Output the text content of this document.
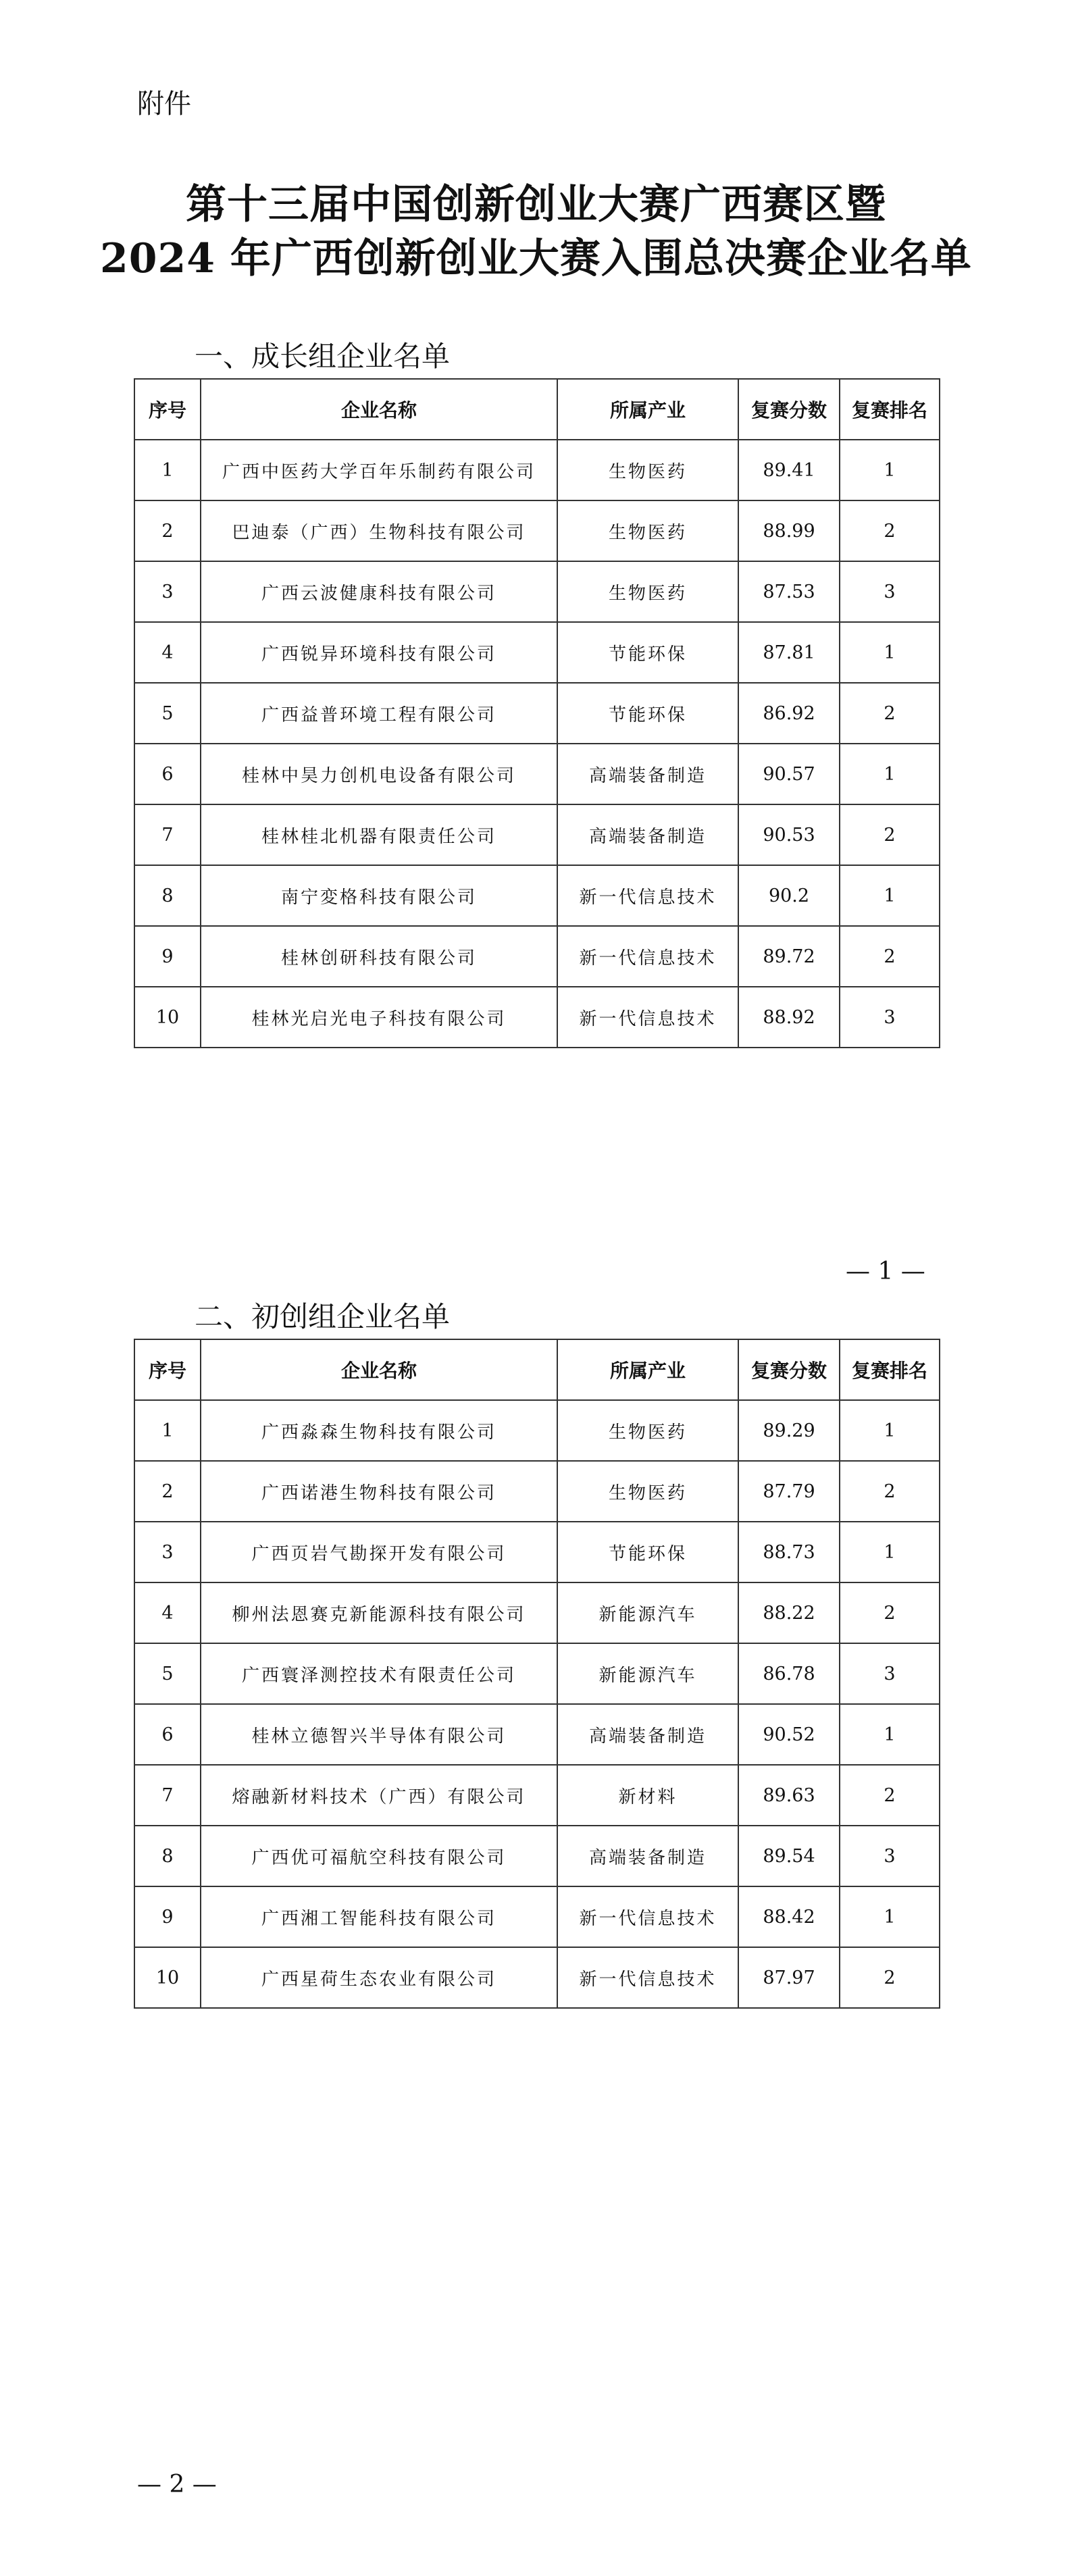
附件
第十三届中国创新创业大赛广西赛区暨
2024 年广西创新创业大赛入围总决赛企业名单
一、成长组企业名单
序号	企业名称	所属产业	复赛分数	复赛排名
1	广西中医药大学百年乐制药有限公司	生物医药	89.41	1
2	巴迪泰（广西）生物科技有限公司	生物医药	88.99	2
3	广西云波健康科技有限公司	生物医药	87.53	3
4	广西锐异环境科技有限公司	节能环保	87.81	1
5	广西益普环境工程有限公司	节能环保	86.92	2
6	桂林中昊力创机电设备有限公司	高端装备制造	90.57	1
7	桂林桂北机器有限责任公司	高端装备制造	90.53	2
8	南宁変格科技有限公司	新一代信息技术	90.2	1
9	桂林创研科技有限公司	新一代信息技术	89.72	2
10	桂林光启光电子科技有限公司	新一代信息技术	88.92	3
— 1 —
二、初创组企业名单
序号	企业名称	所属产业	复赛分数	复赛排名
1	广西淼森生物科技有限公司	生物医药	89.29	1
2	广西诺港生物科技有限公司	生物医药	87.79	2
3	广西页岩气勘探开发有限公司	节能环保	88.73	1
4	柳州法恩赛克新能源科技有限公司	新能源汽车	88.22	2
5	广西寰泽测控技术有限责任公司	新能源汽车	86.78	3
6	桂林立德智兴半导体有限公司	高端装备制造	90.52	1
7	熔融新材料技术（广西）有限公司	新材料	89.63	2
8	广西优可福航空科技有限公司	高端装备制造	89.54	3
9	广西湘工智能科技有限公司	新一代信息技术	88.42	1
10	广西星荷生态农业有限公司	新一代信息技术	87.97	2
— 2 —
